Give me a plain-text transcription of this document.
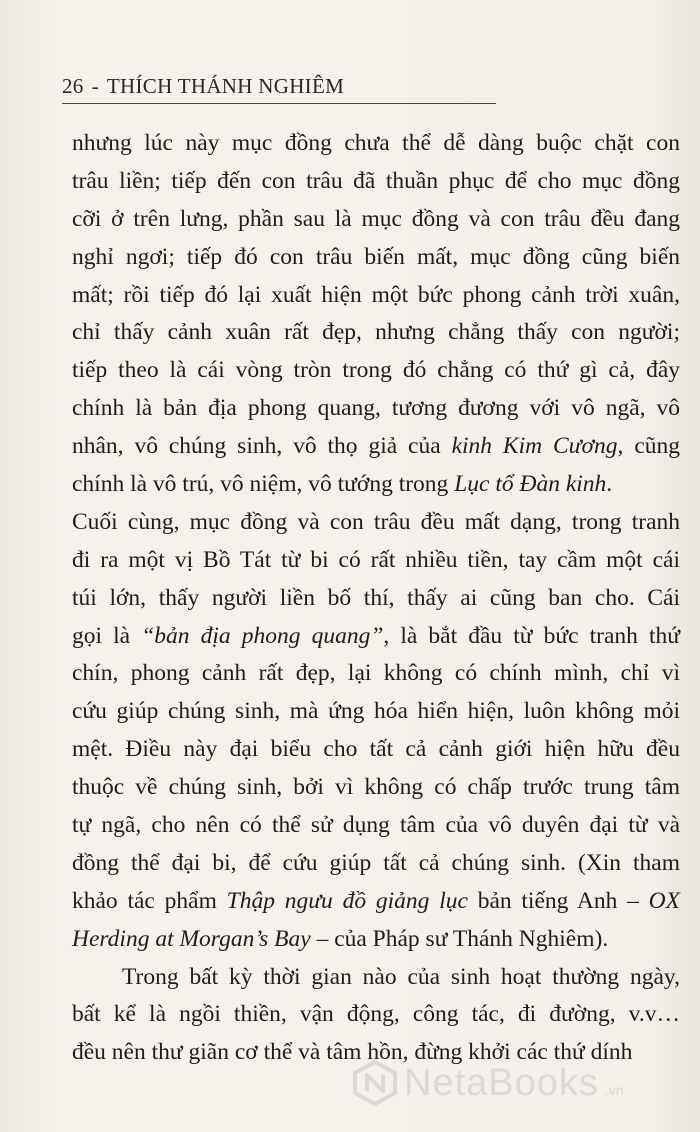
26 - THÍCH THÁNH NGHIÊM
nhưng lúc này mục đồng chưa thể dễ dàng buộc chặt con
trâu liền; tiếp đến con trâu đã thuần phục để cho mục đồng
cỡi ở trên lưng, phần sau là mục đồng và con trâu đều đang
nghỉ ngơi; tiếp đó con trâu biến mất, mục đồng cũng biến
mất; rồi tiếp đó lại xuất hiện một bức phong cảnh trời xuân,
chỉ thấy cảnh xuân rất đẹp, nhưng chẳng thấy con người;
tiếp theo là cái vòng tròn trong đó chẳng có thứ gì cả, đây
chính là bản địa phong quang, tương đương với vô ngã, vô
nhân, vô chúng sinh, vô thọ giả của kinh Kim Cương, cũng
chính là vô trú, vô niệm, vô tướng trong Lục tổ Đàn kinh.
Cuối cùng, mục đồng và con trâu đều mất dạng, trong tranh
đi ra một vị Bồ Tát từ bi có rất nhiều tiền, tay cầm một cái
túi lớn, thấy người liền bố thí, thấy ai cũng ban cho. Cái
gọi là “bản địa phong quang”, là bắt đầu từ bức tranh thứ
chín, phong cảnh rất đẹp, lại không có chính mình, chỉ vì
cứu giúp chúng sinh, mà ứng hóa hiển hiện, luôn không mỏi
mệt. Điều này đại biểu cho tất cả cảnh giới hiện hữu đều
thuộc về chúng sinh, bởi vì không có chấp trước trung tâm
tự ngã, cho nên có thể sử dụng tâm của vô duyên đại từ và
đồng thể đại bi, để cứu giúp tất cả chúng sinh. (Xin tham
khảo tác phẩm Thập ngưu đồ giảng lục bản tiếng Anh – OX
Herding at Morgan’s Bay – của Pháp sư Thánh Nghiêm).
Trong bất kỳ thời gian nào của sinh hoạt thường ngày,
bất kể là ngồi thiền, vận động, công tác, đi đường, v.v…
đều nên thư giãn cơ thể và tâm hồn, đừng khởi các thứ dính
NetaBooks .vn
